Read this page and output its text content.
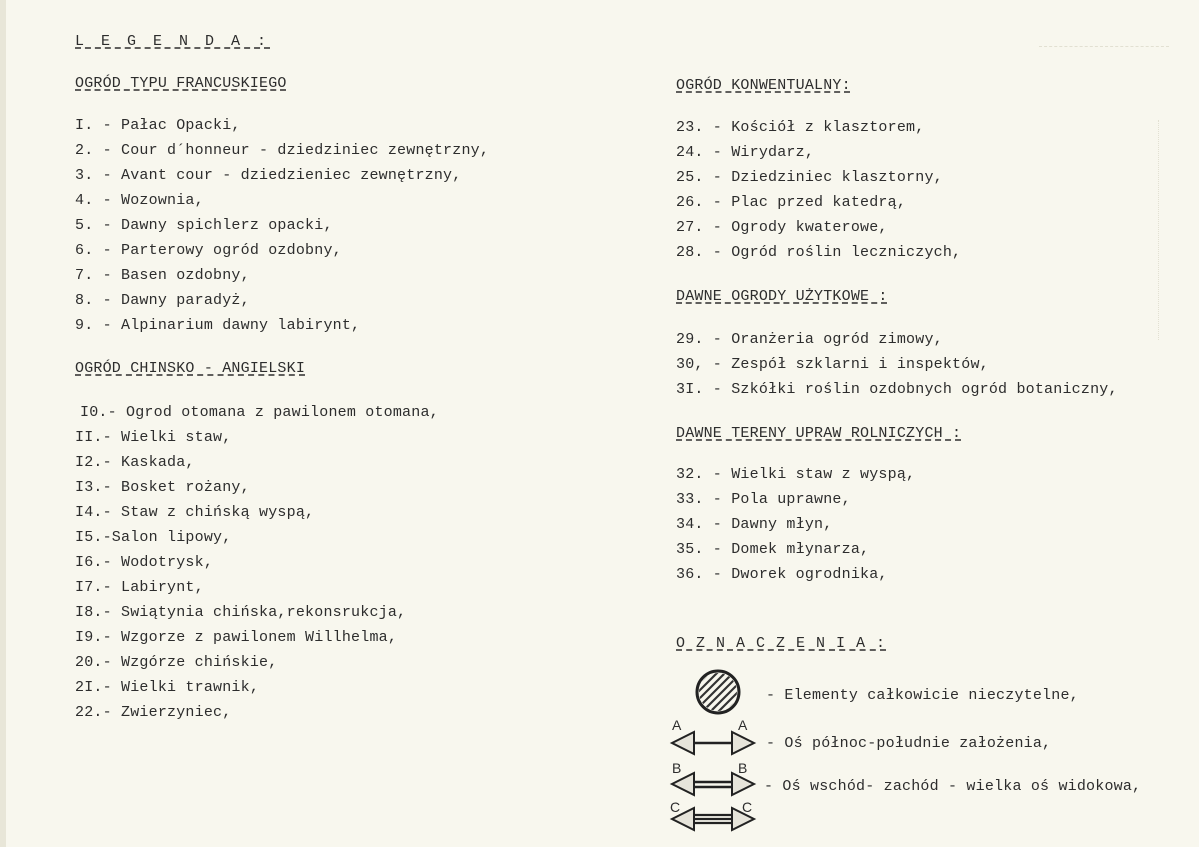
L E G E N D A :
OGRÓD TYPU FRANCUSKIEGO
I. - Pałac Opacki,
2. - Cour d´honneur - dziedziniec zewnętrzny,
3. - Avant cour - dziedzieniec zewnętrzny,
4. - Wozownia,
5. - Dawny spichlerz opacki,
6. - Parterowy ogród ozdobny,
7. - Basen ozdobny,
8. - Dawny paradyż,
9. - Alpinarium dawny labirynt,
OGRÓD CHINSKO - ANGIELSKI
I0.- Ogrod otomana z pawilonem otomana,
II.- Wielki staw,
I2.- Kaskada,
I3.- Bosket rożany,
I4.- Staw z chińską wyspą,
I5.-Salon lipowy,
I6.- Wodotrysk,
I7.- Labirynt,
I8.- Swiątynia chińska,rekonsrukcja,
I9.- Wzgorze z pawilonem Willhelma,
20.- Wzgórze chińskie,
2I.- Wielki trawnik,
22.- Zwierzyniec,
OGRÓD KONWENTUALNY:
23. - Kościół z klasztorem,
24. - Wirydarz,
25. - Dziedziniec klasztorny,
26. - Plac przed katedrą,
27. - Ogrody kwaterowe,
28. - Ogród roślin leczniczych,
DAWNE OGRODY UŻYTKOWE :
29. - Oranżeria ogród zimowy,
30, - Zespół szklarni i inspektów,
3I. - Szkółki roślin ozdobnych ogród botaniczny,
DAWNE TERENY UPRAW ROLNICZYCH :
32. - Wielki staw z wyspą,
33. - Pola uprawne,
34. - Dawny młyn,
35. - Domek młynarza,
36. - Dworek ogrodnika,
O Z N A C Z E N I A :
- Elementy całkowicie nieczytelne,
A	A
- Oś północ-południe założenia,
B	B
- Oś wschód- zachód - wielka oś widokowa,
C	C
